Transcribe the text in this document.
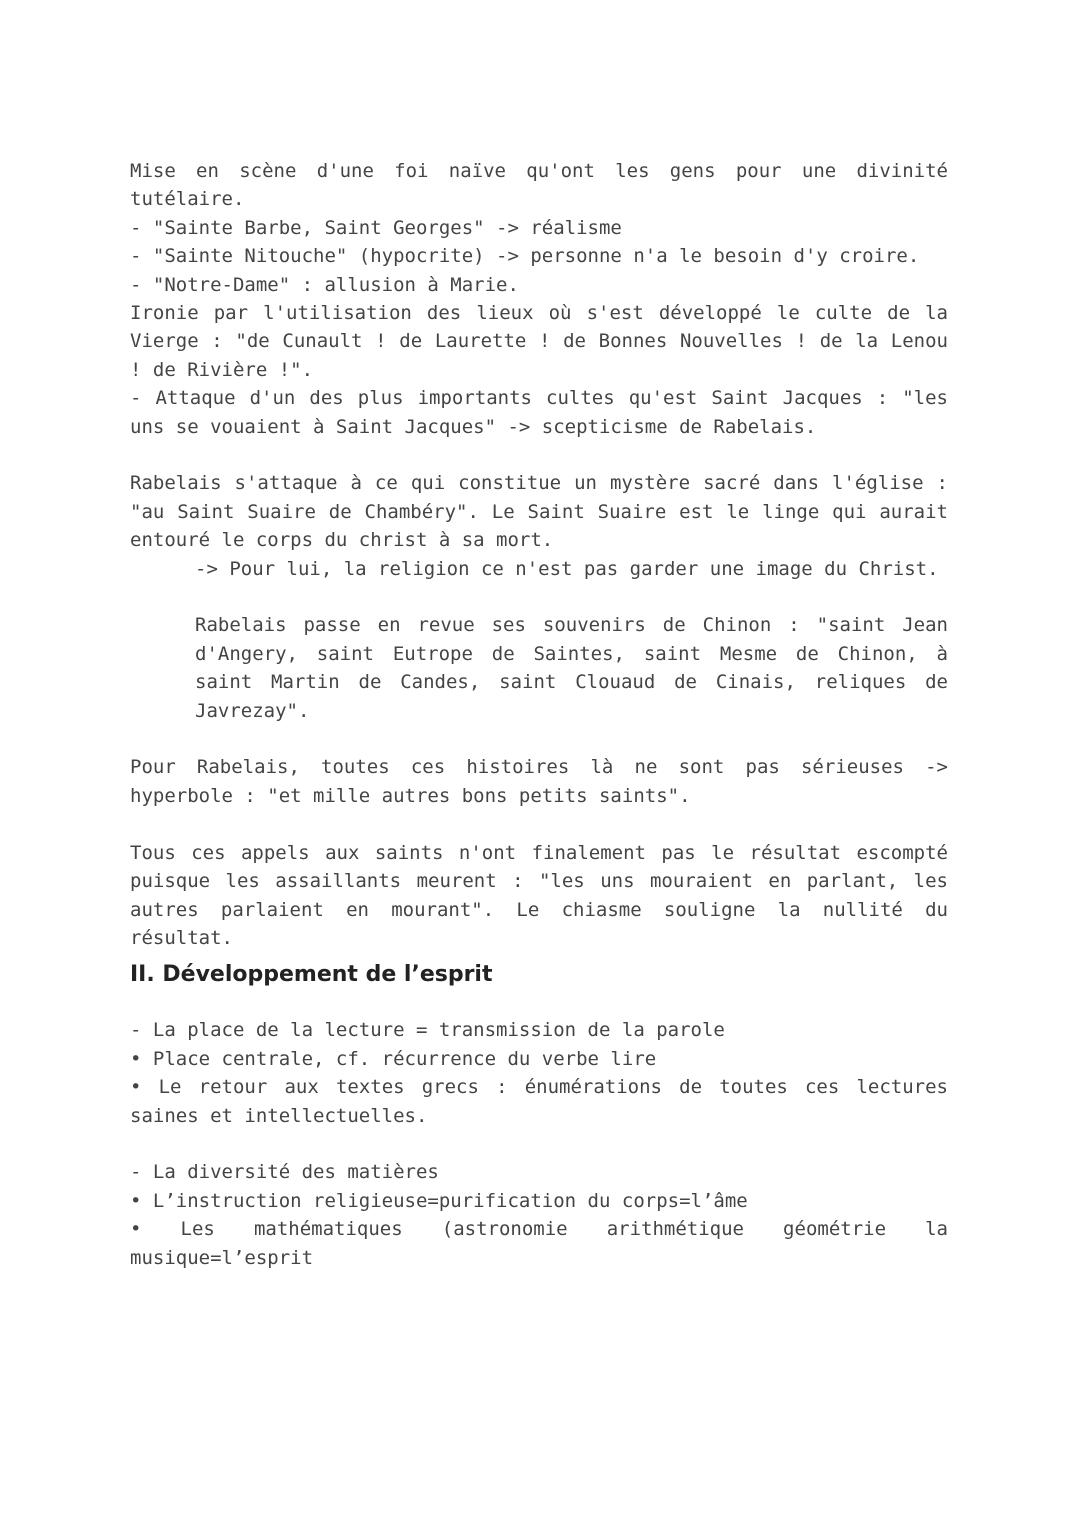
Mise en scène d'une foi naïve qu'ont les gens pour une divinité tutélaire.

- "Sainte Barbe, Saint Georges" -> réalisme

- "Sainte Nitouche" (hypocrite) -> personne n'a le besoin d'y croire.

- "Notre-Dame" : allusion à Marie.

Ironie par l'utilisation des lieux où s'est développé le culte de la Vierge : "de Cunault ! de Laurette ! de Bonnes Nouvelles ! de la Lenou ! de Rivière !".

- Attaque d'un des plus importants cultes qu'est Saint Jacques : "les uns se vouaient à Saint Jacques" -> scepticisme de Rabelais.

Rabelais s'attaque à ce qui constitue un mystère sacré dans l'église : "au Saint Suaire de Chambéry". Le Saint Suaire est le linge qui aurait entouré le corps du christ à sa mort.

-> Pour lui, la religion ce n'est pas garder une image du Christ.

Rabelais passe en revue ses souvenirs de Chinon : "saint Jean d'Angery, saint Eutrope de Saintes, saint Mesme de Chinon, à saint Martin de Candes, saint Clouaud de Cinais, reliques de Javrezay".

Pour Rabelais, toutes ces histoires là ne sont pas sérieuses -> hyperbole : "et mille autres bons petits saints".

Tous ces appels aux saints n'ont finalement pas le résultat escompté puisque les assaillants meurent : "les uns mouraient en parlant, les autres parlaient en mourant". Le chiasme souligne la nullité du résultat.

II. Développement de l’esprit

- La place de la lecture = transmission de la parole

• Place centrale, cf. récurrence du verbe lire

• Le retour aux textes grecs : énumérations de toutes ces lectures saines et intellectuelles.

- La diversité des matières

• L’instruction religieuse=purification du corps=l’âme

• Les mathématiques (astronomie arithmétique géométrie la musique=l’esprit
